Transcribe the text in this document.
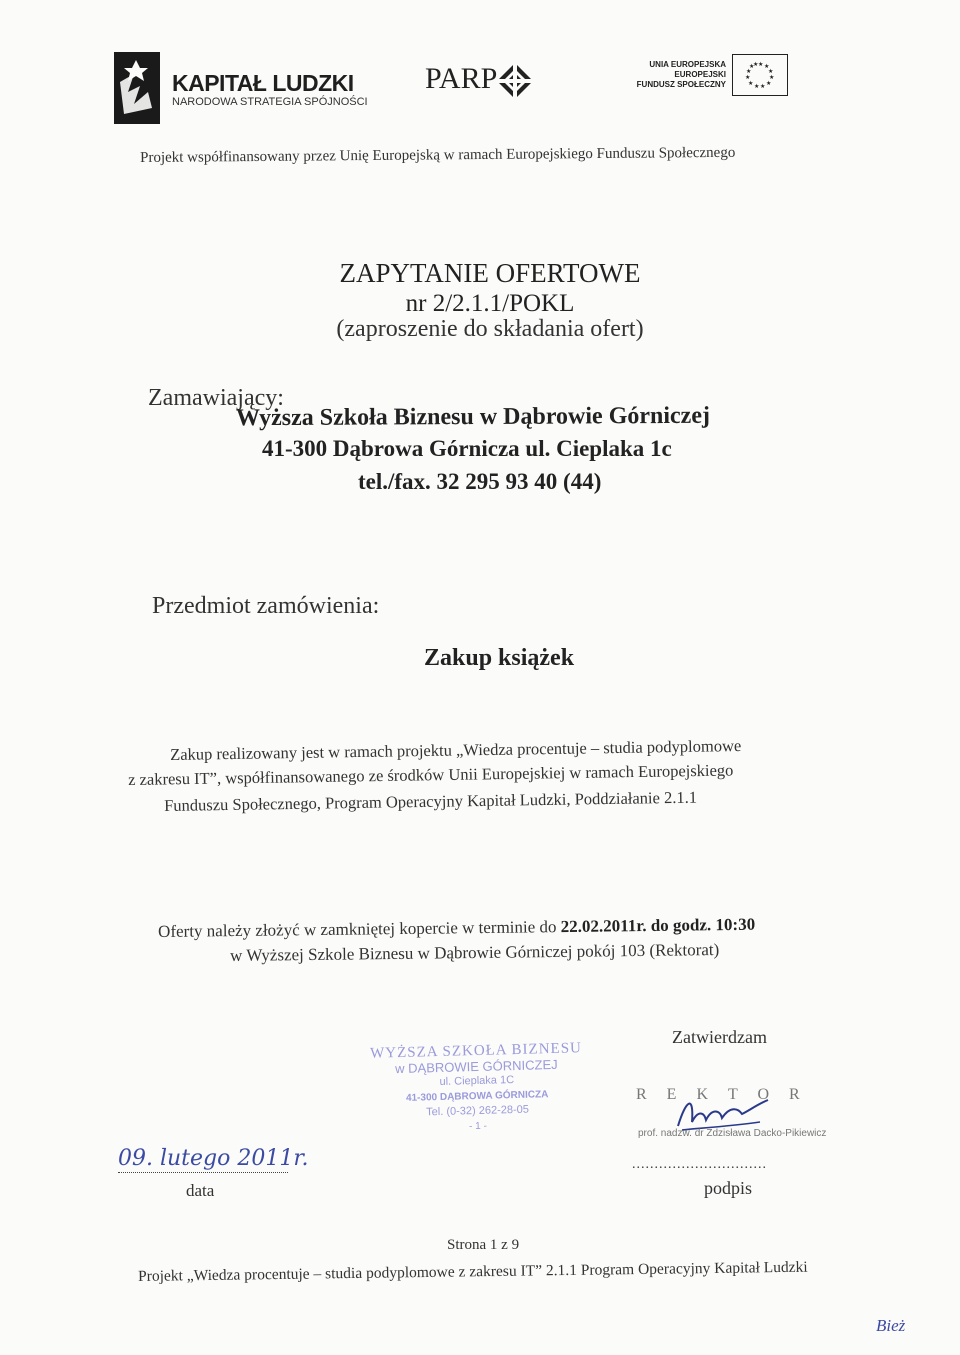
KAPITAŁ LUDZKI
NARODOWA STRATEGIA SPÓJNOŚCI
PARP	UNIA EUROPEJSKA
EUROPEJSKI
FUNDUSZ SPOŁECZNY
★ ★
★
★
★
★
★
★
★
★
★
★
Projekt współfinansowany przez Unię Europejską w ramach Europejskiego Funduszu Społecznego
ZAPYTANIE OFERTOWE
nr 2/2.1.1/POKL
(zaproszenie do składania ofert)
Zamawiający:
Wyższa Szkoła Biznesu w Dąbrowie Górniczej
41-300 Dąbrowa Górnicza ul. Cieplaka 1c
tel./fax. 32 295 93 40 (44)
Przedmiot zamówienia:
Zakup książek
Zakup realizowany jest w ramach projektu „Wiedza procentuje – studia podyplomowe
z zakresu IT”, współfinansowanego ze środków Unii Europejskiej w ramach Europejskiego
Funduszu Społecznego, Program Operacyjny Kapitał Ludzki, Poddziałanie 2.1.1
Oferty należy złożyć w zamkniętej kopercie w terminie do 22.02.2011r. do godz. 10:30
w Wyższej Szkole Biznesu w Dąbrowie Górniczej pokój 103 (Rektorat)
WYŻSZA SZKOŁA BIZNESU
w DĄBROWIE GÓRNICZEJ
ul. Cieplaka 1C
41-300 DĄBROWA GÓRNICZA
Tel. (0-32) 262-28-05
- 1 -
Zatwierdzam
REKTOR
prof. nadzw. dr Zdzisława Dacko-Pikiewicz
..............................
podpis
09. lutego 2011r.
data
Strona 1 z 9
Projekt „Wiedza procentuje – studia podyplomowe z zakresu IT” 2.1.1 Program Operacyjny Kapitał Ludzki
Bież
